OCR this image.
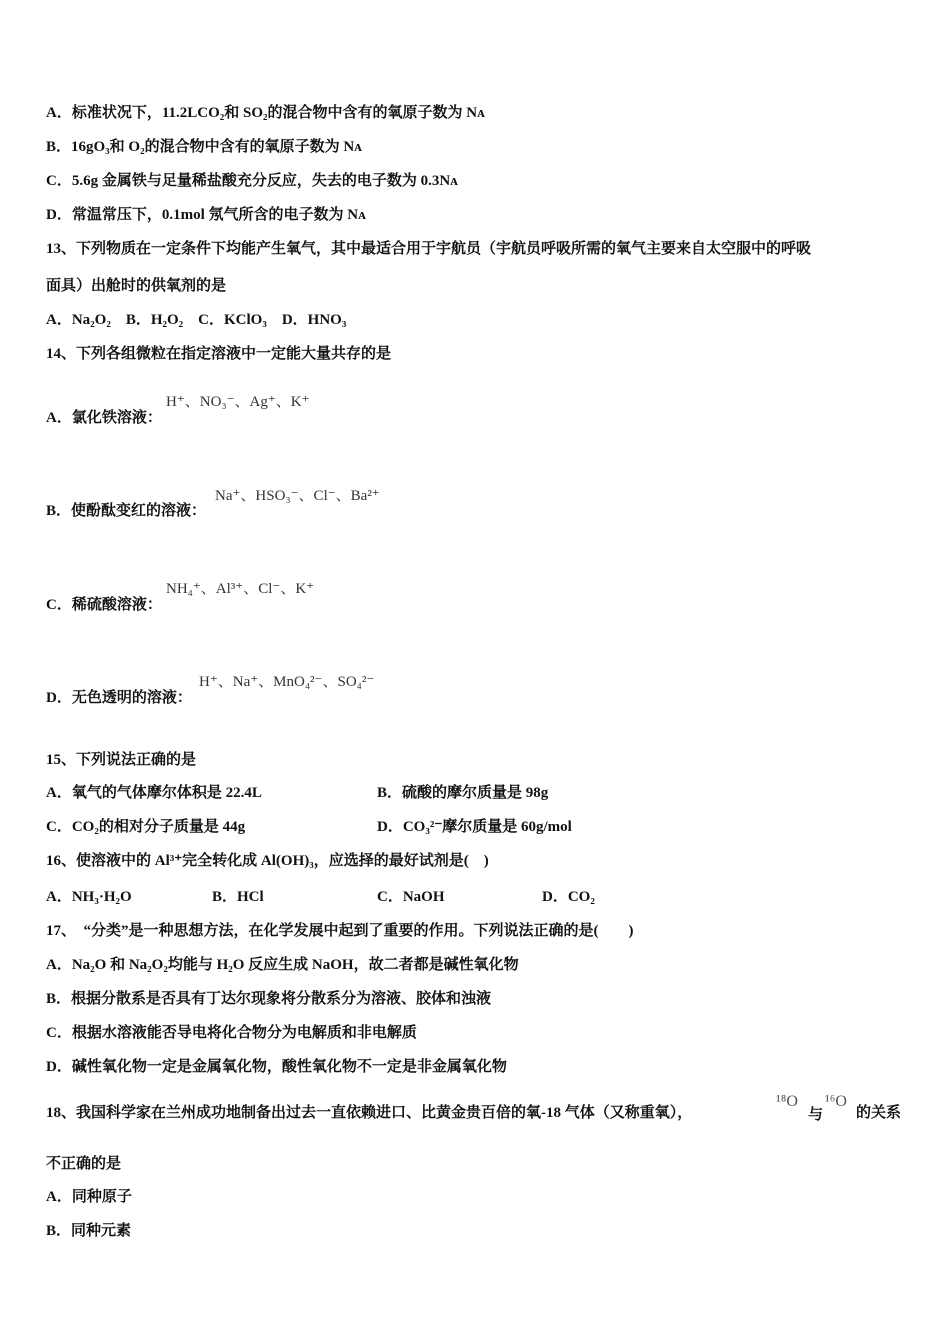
A．标准状况下，11.2LCO₂和 SO₂的混合物中含有的氧原子数为 Nᴀ
B．16gO₃和 O₂的混合物中含有的氧原子数为 Nᴀ
C．5.6g 金属铁与足量稀盐酸充分反应，失去的电子数为 0.3Nᴀ
D．常温常压下，0.1mol 氖气所含的电子数为 Nᴀ
13、下列物质在一定条件下均能产生氧气，其中最适合用于宇航员（宇航员呼吸所需的氧气主要来自太空服中的呼吸
面具）出舱时的供氧剂的是
A．Na₂O₂　B．H₂O₂　C．KClO₃　D．HNO₃
14、下列各组微粒在指定溶液中一定能大量共存的是
A．氯化铁溶液：
H⁺、NO₃⁻、Ag⁺、K⁺
B．使酚酞变红的溶液：
Na⁺、HSO₃⁻、Cl⁻、Ba²⁺
C．稀硫酸溶液：
NH₄⁺、Al³⁺、Cl⁻、K⁺
D．无色透明的溶液：
H⁺、Na⁺、MnO₄²⁻、SO₄²⁻
15、下列说法正确的是
A．氧气的气体摩尔体积是 22.4L	B．硫酸的摩尔质量是 98g
C．CO₂的相对分子质量是 44g	D．CO₃²⁻摩尔质量是 60g/mol
16、使溶液中的 Al³⁺完全转化成 Al(OH)₃，应选择的最好试剂是(　)
A．NH₃·H₂O	B．HCl	C．NaOH	D．CO₂
17、　“分类”是一种思想方法，在化学发展中起到了重要的作用。下列说法正确的是(　　)
A．Na₂O 和 Na₂O₂均能与 H₂O 反应生成 NaOH，故二者都是碱性氧化物
B．根据分散系是否具有丁达尔现象将分散系分为溶液、胶体和浊液
C．根据水溶液能否导电将化合物分为电解质和非电解质
D．碱性氧化物一定是金属氧化物，酸性氧化物不一定是非金属氧化物
18、我国科学家在兰州成功地制备出过去一直依赖进口、比黄金贵百倍的氧-18 气体（又称重氧），
¹⁸O
与
¹⁶O
的关系
不正确的是
A．同种原子
B．同种元素
